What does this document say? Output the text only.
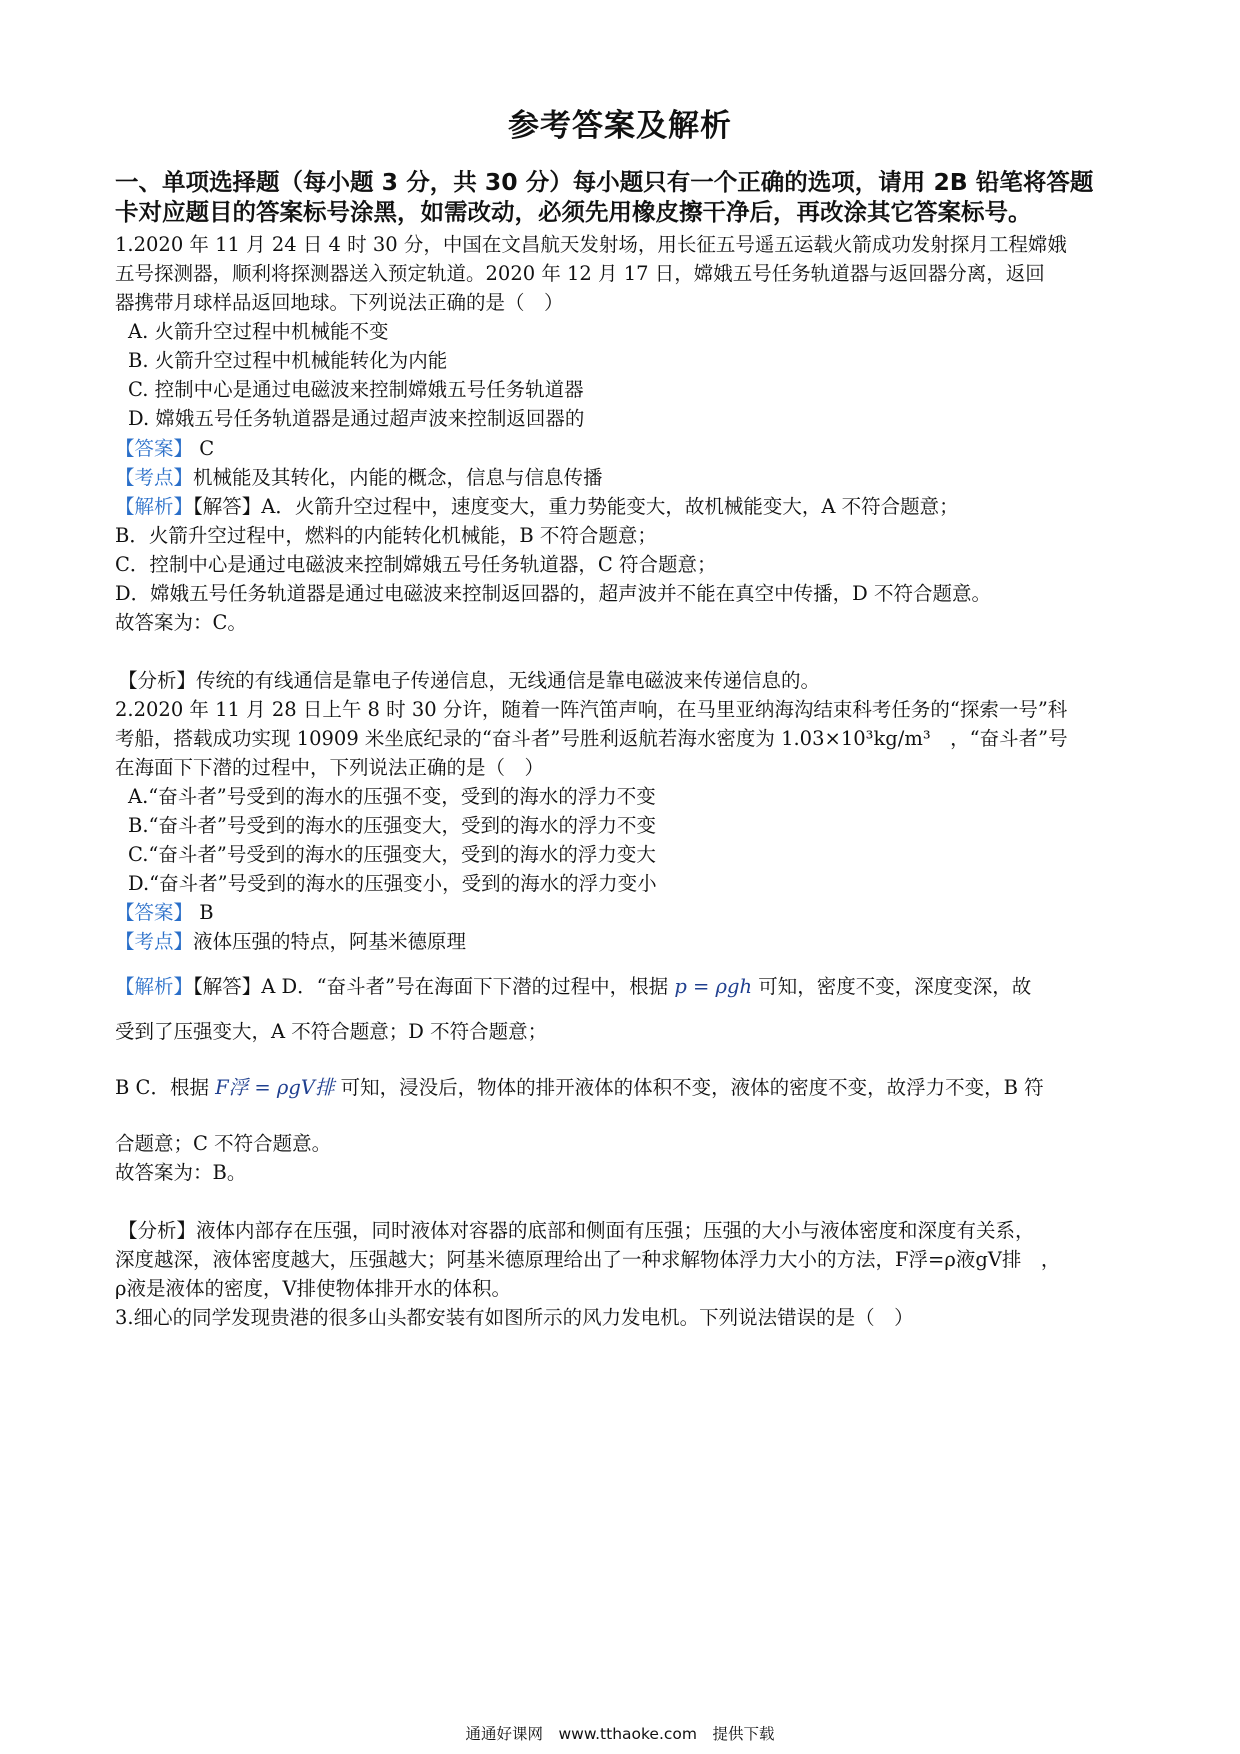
参考答案及解析
一、单项选择题（每小题 3 分，共 30 分）每小题只有一个正确的选项，请用 2B 铅笔将答题
卡对应题目的答案标号涂黑，如需改动，必须先用橡皮擦干净后，再改涂其它答案标号。
1.2020 年 11 月 24 日 4 时 30 分，中国在文昌航天发射场，用长征五号遥五运载火箭成功发射探月工程嫦娥
五号探测器，顺利将探测器送入预定轨道。2020 年 12 月 17 日，嫦娥五号任务轨道器与返回器分离，返回
器携带月球样品返回地球。下列说法正确的是（　）
A. 火箭升空过程中机械能不变
B. 火箭升空过程中机械能转化为内能
C. 控制中心是通过电磁波来控制嫦娥五号任务轨道器
D. 嫦娥五号任务轨道器是通过超声波来控制返回器的
【答案】 C
【考点】机械能及其转化，内能的概念，信息与信息传播
【解析】【解答】A．火箭升空过程中，速度变大，重力势能变大，故机械能变大，A 不符合题意；
B．火箭升空过程中，燃料的内能转化机械能，B 不符合题意；
C．控制中心是通过电磁波来控制嫦娥五号任务轨道器，C 符合题意；
D．嫦娥五号任务轨道器是通过电磁波来控制返回器的，超声波并不能在真空中传播，D 不符合题意。
故答案为：C。
【分析】传统的有线通信是靠电子传递信息，无线通信是靠电磁波来传递信息的。
2.2020 年 11 月 28 日上午 8 时 30 分许，随着一阵汽笛声响，在马里亚纳海沟结束科考任务的“探索一号”科
考船，搭载成功实现 10909 米坐底纪录的“奋斗者”号胜利返航若海水密度为 1.03×10³kg/m³　，“奋斗者”号
在海面下下潜的过程中，下列说法正确的是（　）
A.“奋斗者”号受到的海水的压强不变，受到的海水的浮力不变
B.“奋斗者”号受到的海水的压强变大，受到的海水的浮力不变
C.“奋斗者”号受到的海水的压强变大，受到的海水的浮力变大
D.“奋斗者”号受到的海水的压强变小，受到的海水的浮力变小
【答案】 B
【考点】液体压强的特点，阿基米德原理
【解析】【解答】A D．“奋斗者”号在海面下下潜的过程中，根据 p = ρgh 可知，密度不变，深度变深，故
受到了压强变大，A 不符合题意；D 不符合题意；
B C．根据 F浮 = ρgV排 可知，浸没后，物体的排开液体的体积不变，液体的密度不变，故浮力不变，B 符
合题意；C 不符合题意。
故答案为：B。
【分析】液体内部存在压强，同时液体对容器的底部和侧面有压强；压强的大小与液体密度和深度有关系，
深度越深，液体密度越大，压强越大；阿基米德原理给出了一种求解物体浮力大小的方法，F浮=ρ液gV排　，
ρ液是液体的密度，V排使物体排开水的体积。
3.细心的同学发现贵港的很多山头都安装有如图所示的风力发电机。下列说法错误的是（　）
通通好课网　www.tthaoke.com　提供下载
